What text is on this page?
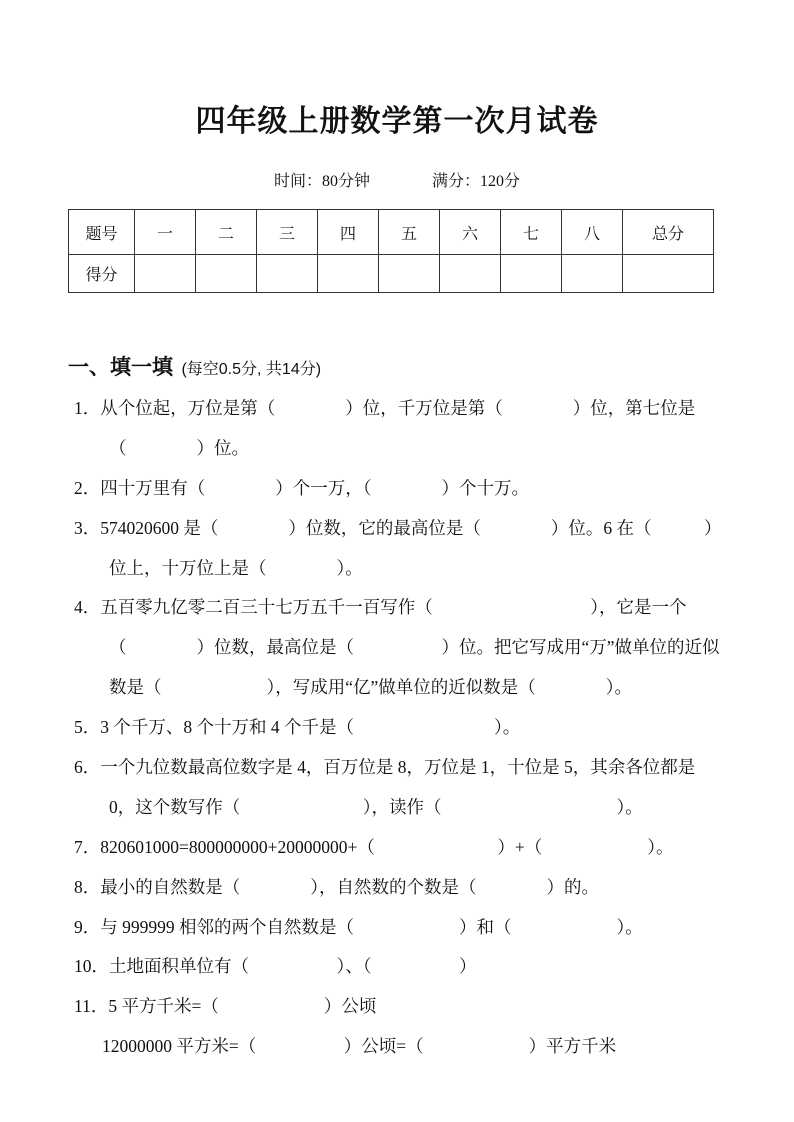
四年级上册数学第一次月试卷
时间：80分钟	满分：120分
题号	一	二	三	四	五	六	七	八	总分
得分									
一、填一填 (每空0.5分, 共14分)

1．从个位起，万位是第（　　　　）位，千万位是第（　　　　）位，第七位是（　　　　）位。

2．四十万里有（　　　　）个一万，（　　　　）个十万。

3．574020600 是（　　　　）位数，它的最高位是（　　　　）位。6 在（　　　）位上，十万位上是（　　　　）。

4．五百零九亿零二百三十七万五千一百写作（　　　　　　　　　），它是一个（　　　　）位数，最高位是（　　　　　）位。把它写成用“万”做单位的近似数是（　　　　　　），写成用“亿”做单位的近似数是（　　　　）。

5．3 个千万、8 个十万和 4 个千是（　　　　　　　　）。

6．一个九位数最高位数字是 4，百万位是 8，万位是 1，十位是 5，其余各位都是 0，这个数写作（　　　　　　　），读作（　　　　　　　　　　）。

7．820601000=800000000+20000000+（　　　　　　　）+（　　　　　　）。

8．最小的自然数是（　　　　），自然数的个数是（　　　　）的。

9．与 999999 相邻的两个自然数是（　　　　　　）和（　　　　　　）。

10．土地面积单位有（　　　　　）、（　　　　　）

11．5 平方千米=（　　　　　　）公顷

12000000 平方米=（　　　　　）公顷=（　　　　　　）平方千米
